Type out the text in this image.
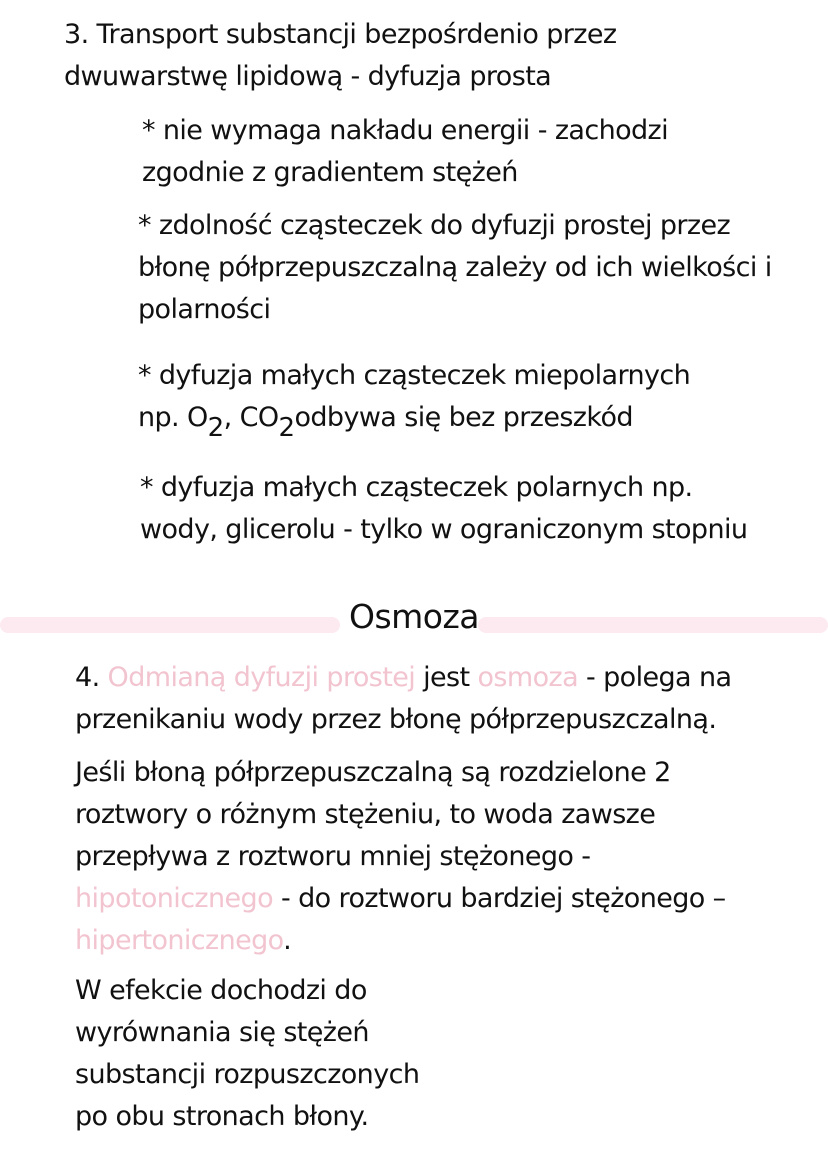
3. Transport substancji bezpośrdenio przez
dwuwarstwę lipidową - dyfuzja prosta
* nie wymaga nakładu energii - zachodzi
zgodnie z gradientem stężeń
* zdolność cząsteczek do dyfuzji prostej przez
błonę półprzepuszczalną zależy od ich wielkości i
polarności
* dyfuzja małych cząsteczek miepolarnych
np. $O_2$, $CO_2odbywa$ się bez przeszkód
* dyfuzja małych cząsteczek polarnych np.
wody, glicerolu - tylko w ograniczonym stopniu
Osmoza
4. Odmianą dyfuzji prostej jest osmoza - polega na
przenikaniu wody przez błonę półprzepuszczalną.
Jeśli błoną półprzepuszczalną są rozdzielone 2
roztwory o różnym stężeniu, to woda zawsze
przepływa z roztworu mniej stężonego -
hipotonicznego - do roztworu bardziej stężonego –
hipertonicznego.
W efekcie dochodzi do
wyrównania się stężeń
substancji rozpuszczonych
po obu stronach błony.
